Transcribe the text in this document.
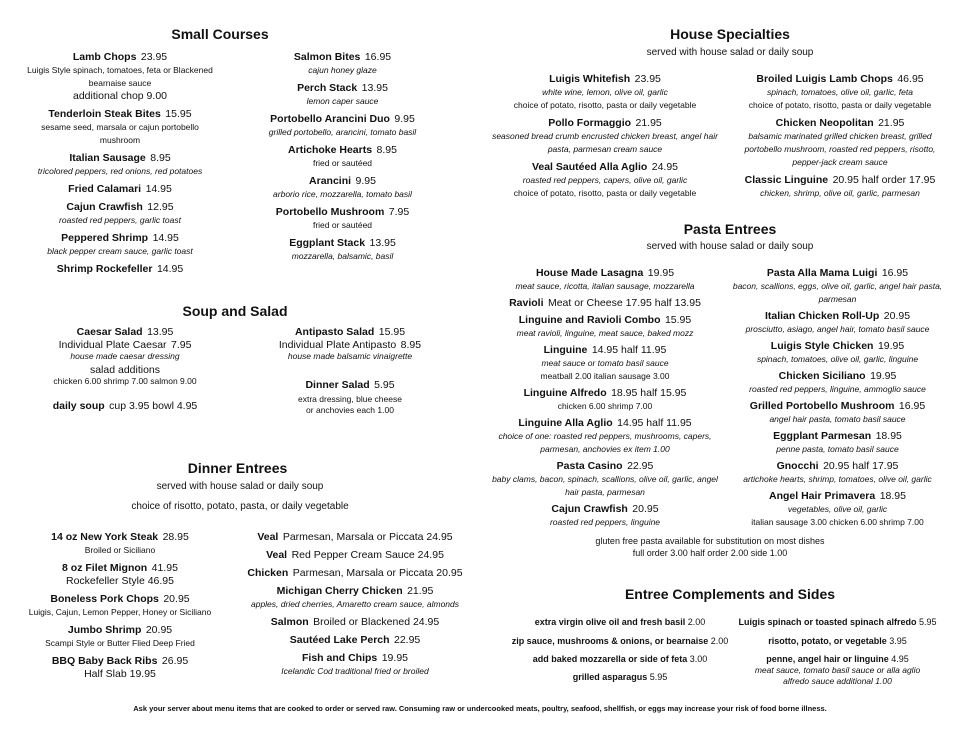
Small Courses
Lamb Chops 23.95
Luigis Style spinach, tomatoes, feta or Blackened bearnaise sauce
additional chop 9.00
Tenderloin Steak Bites 15.95
sesame seed, marsala or cajun portobello mushroom
Italian Sausage 8.95
tricolored peppers, red onions, red potatoes
Fried Calamari 14.95
Cajun Crawfish 12.95
roasted red peppers, garlic toast
Peppered Shrimp 14.95
black pepper cream sauce, garlic toast
Shrimp Rockefeller 14.95
Salmon Bites 16.95
cajun honey glaze
Perch Stack 13.95
lemon caper sauce
Portobello Arancini Duo 9.95
grilled portobello, arancini, tomato basil
Artichoke Hearts 8.95
fried or sautéed
Arancini 9.95
arborio rice, mozzarella, tomato basil
Portobello Mushroom 7.95
fried or sautéed
Eggplant Stack 13.95
mozzarella, balsamic, basil
Soup and Salad
Caesar Salad 13.95
Individual Plate Caesar 7.95
house made caesar dressing
salad additions
chicken 6.00 shrimp 7.00 salmon 9.00
daily soup cup 3.95 bowl 4.95
Antipasto Salad 15.95
Individual Plate Antipasto 8.95
house made balsamic vinaigrette
Dinner Salad 5.95
extra dressing, blue cheese
or anchovies each 1.00
Dinner Entrees
served with house salad or daily soup
choice of risotto, potato, pasta, or daily vegetable
14 oz New York Steak 28.95
Broiled or Siciliano
8 oz Filet Mignon 41.95
Rockefeller Style 46.95
Boneless Pork Chops 20.95
Luigis, Cajun, Lemon Pepper, Honey or Siciliano
Jumbo Shrimp 20.95
Scampi Style or Butter Flied Deep Fried
BBQ Baby Back Ribs 26.95
Half Slab 19.95
Veal Parmesan, Marsala or Piccata 24.95
Veal Red Pepper Cream Sauce 24.95
Chicken Parmesan, Marsala or Piccata 20.95
Michigan Cherry Chicken 21.95
apples, dried cherries, Amaretto cream sauce, almonds
Salmon Broiled or Blackened 24.95
Sautéed Lake Perch 22.95
Fish and Chips 19.95
Icelandic Cod traditional fried or broiled
House Specialties
served with house salad or daily soup
Luigis Whitefish 23.95
white wine, lemon, olive oil, garlic
choice of potato, risotto, pasta or daily vegetable
Pollo Formaggio 21.95
seasoned bread crumb encrusted chicken breast, angel hair pasta, parmesan cream sauce
Veal Sautéed Alla Aglio 24.95
roasted red peppers, capers, olive oil, garlic
choice of potato, risotto, pasta or daily vegetable
Broiled Luigis Lamb Chops 46.95
spinach, tomatoes, olive oil, garlic, feta
choice of potato, risotto, pasta or daily vegetable
Chicken Neopolitan 21.95
balsamic marinated grilled chicken breast, grilled portobello mushroom, roasted red peppers, risotto, pepper-jack cream sauce
Classic Linguine 20.95 half order 17.95
chicken, shrimp, olive oil, garlic, parmesan
Pasta Entrees
served with house salad or daily soup
House Made Lasagna 19.95
meat sauce, ricotta, italian sausage, mozzarella
Ravioli Meat or Cheese 17.95 half 13.95
Linguine and Ravioli Combo 15.95
meat ravioli, linguine, meat sauce, baked mozz
Linguine 14.95 half 11.95
meat sauce or tomato basil sauce
meatball 2.00 italian sausage 3.00
Linguine Alfredo 18.95 half 15.95
chicken 6.00 shrimp 7.00
Linguine Alla Aglio 14.95 half 11.95
choice of one: roasted red peppers, mushrooms, capers, parmesan, anchovies ex item 1.00
Pasta Casino 22.95
baby clams, bacon, spinach, scallions, olive oil, garlic, angel hair pasta, parmesan
Cajun Crawfish 20.95
roasted red peppers, linguine
Pasta Alla Mama Luigi 16.95
bacon, scallions, eggs, olive oil, garlic, angel hair pasta, parmesan
Italian Chicken Roll-Up 20.95
prosciutto, asiago, angel hair, tomato basil sauce
Luigis Style Chicken 19.95
spinach, tomatoes, olive oil, garlic, linguine
Chicken Siciliano 19.95
roasted red peppers, linguine, ammoglio sauce
Grilled Portobello Mushroom 16.95
angel hair pasta, tomato basil sauce
Eggplant Parmesan 18.95
penne pasta, tomato basil sauce
Gnocchi 20.95 half 17.95
artichoke hearts, shrimp, tomatoes, olive oil, garlic
Angel Hair Primavera 18.95
vegetables, olive oil, garlic
italian sausage 3.00 chicken 6.00 shrimp 7.00
gluten free pasta available for substitution on most dishes
full order 3.00 half order 2.00 side 1.00
Entree Complements and Sides
extra virgin olive oil and fresh basil 2.00
zip sauce, mushrooms & onions, or bearnaise 2.00
add baked mozzarella or side of feta 3.00
grilled asparagus 5.95
Luigis spinach or toasted spinach alfredo 5.95
risotto, potato, or vegetable 3.95
penne, angel hair or linguine 4.95
meat sauce, tomato basil sauce or alla aglio
alfredo sauce additional 1.00
Ask your server about menu items that are cooked to order or served raw. Consuming raw or undercooked meats, poultry, seafood, shellfish, or eggs may increase your risk of food borne illness.
